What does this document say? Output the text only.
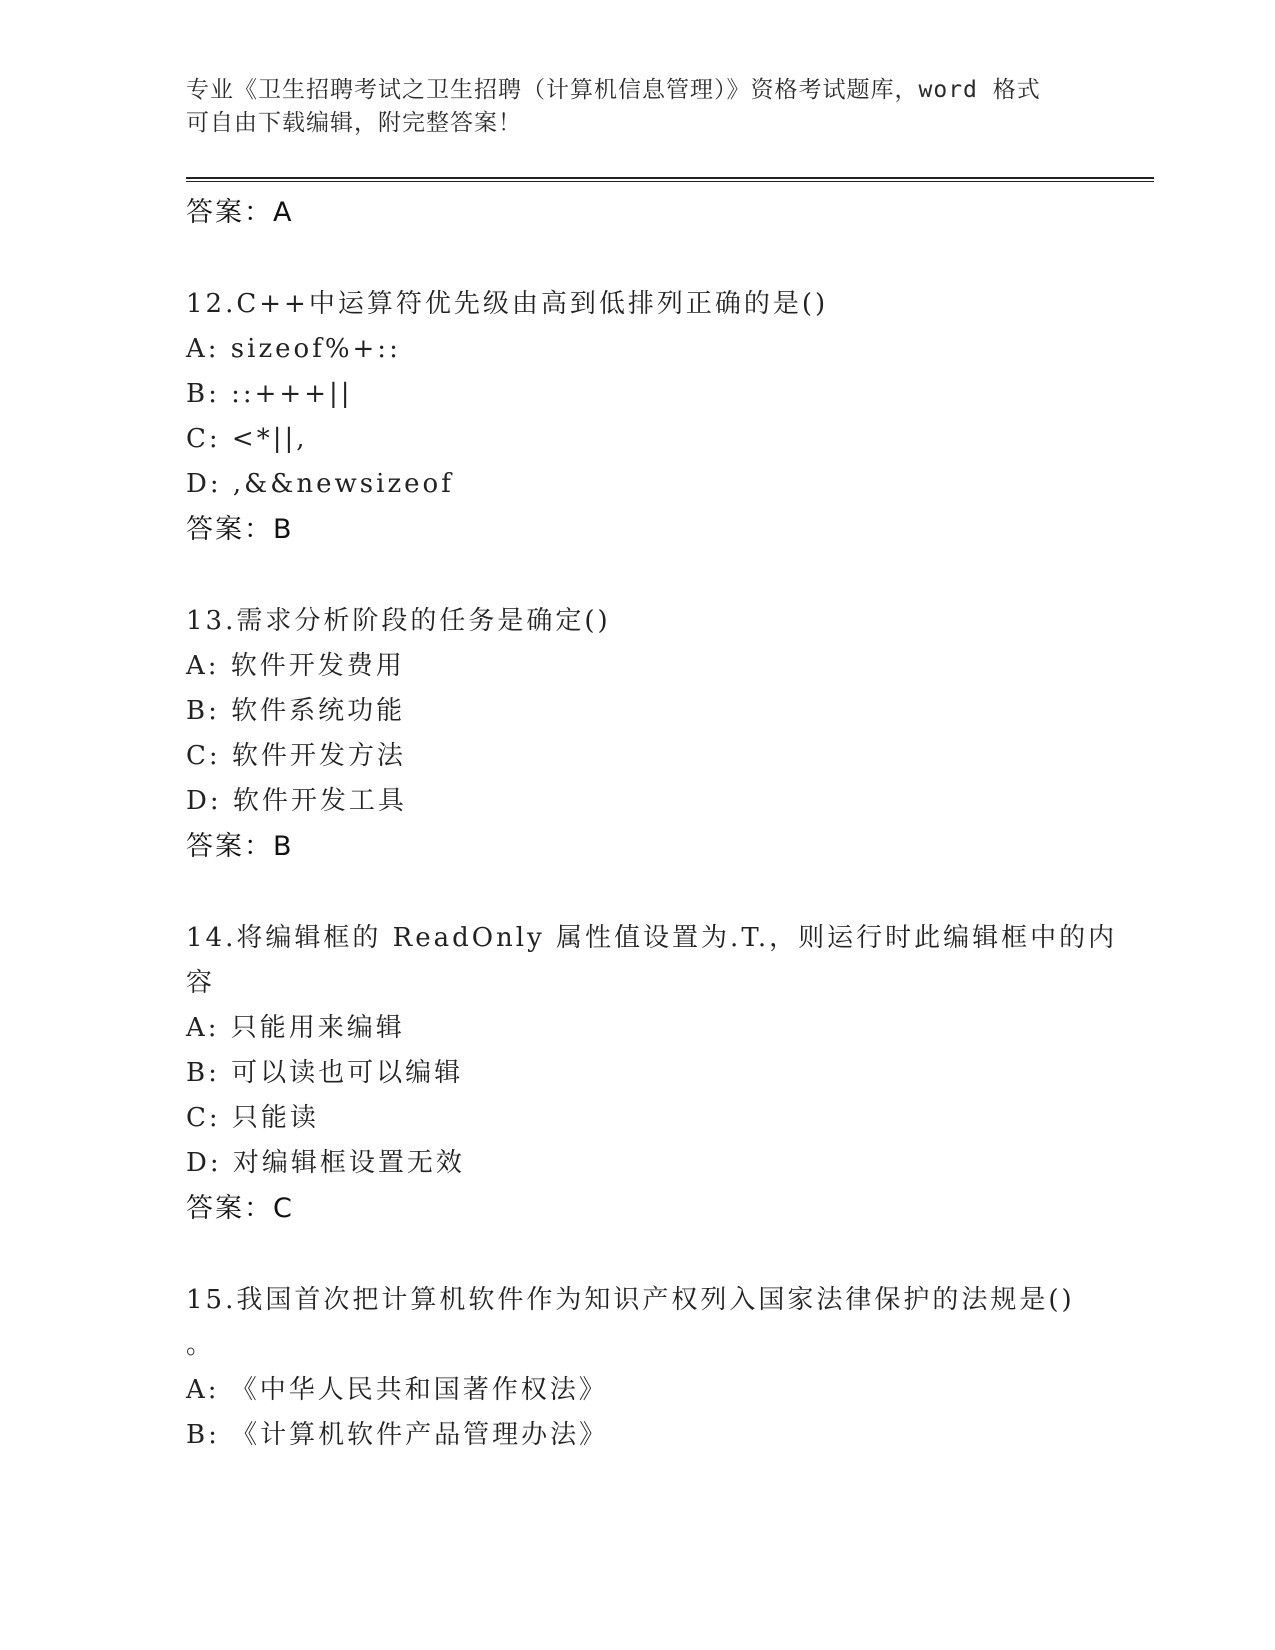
专业《卫生招聘考试之卫生招聘（计算机信息管理）》资格考试题库，word 格式
可自由下载编辑，附完整答案！
答案：A
12.C++中运算符优先级由高到低排列正确的是()
A: sizeof%+::
B: ::+++||
C: <*||,
D: ,&&newsizeof
答案：B
13.需求分析阶段的任务是确定()
A: 软件开发费用
B: 软件系统功能
C: 软件开发方法
D: 软件开发工具
答案：B
14.将编辑框的 ReadOnly 属性值设置为.T.，则运行时此编辑框中的内
容
A: 只能用来编辑
B: 可以读也可以编辑
C: 只能读
D: 对编辑框设置无效
答案：C
15.我国首次把计算机软件作为知识产权列入国家法律保护的法规是()
。
A: 《中华人民共和国著作权法》
B: 《计算机软件产品管理办法》
